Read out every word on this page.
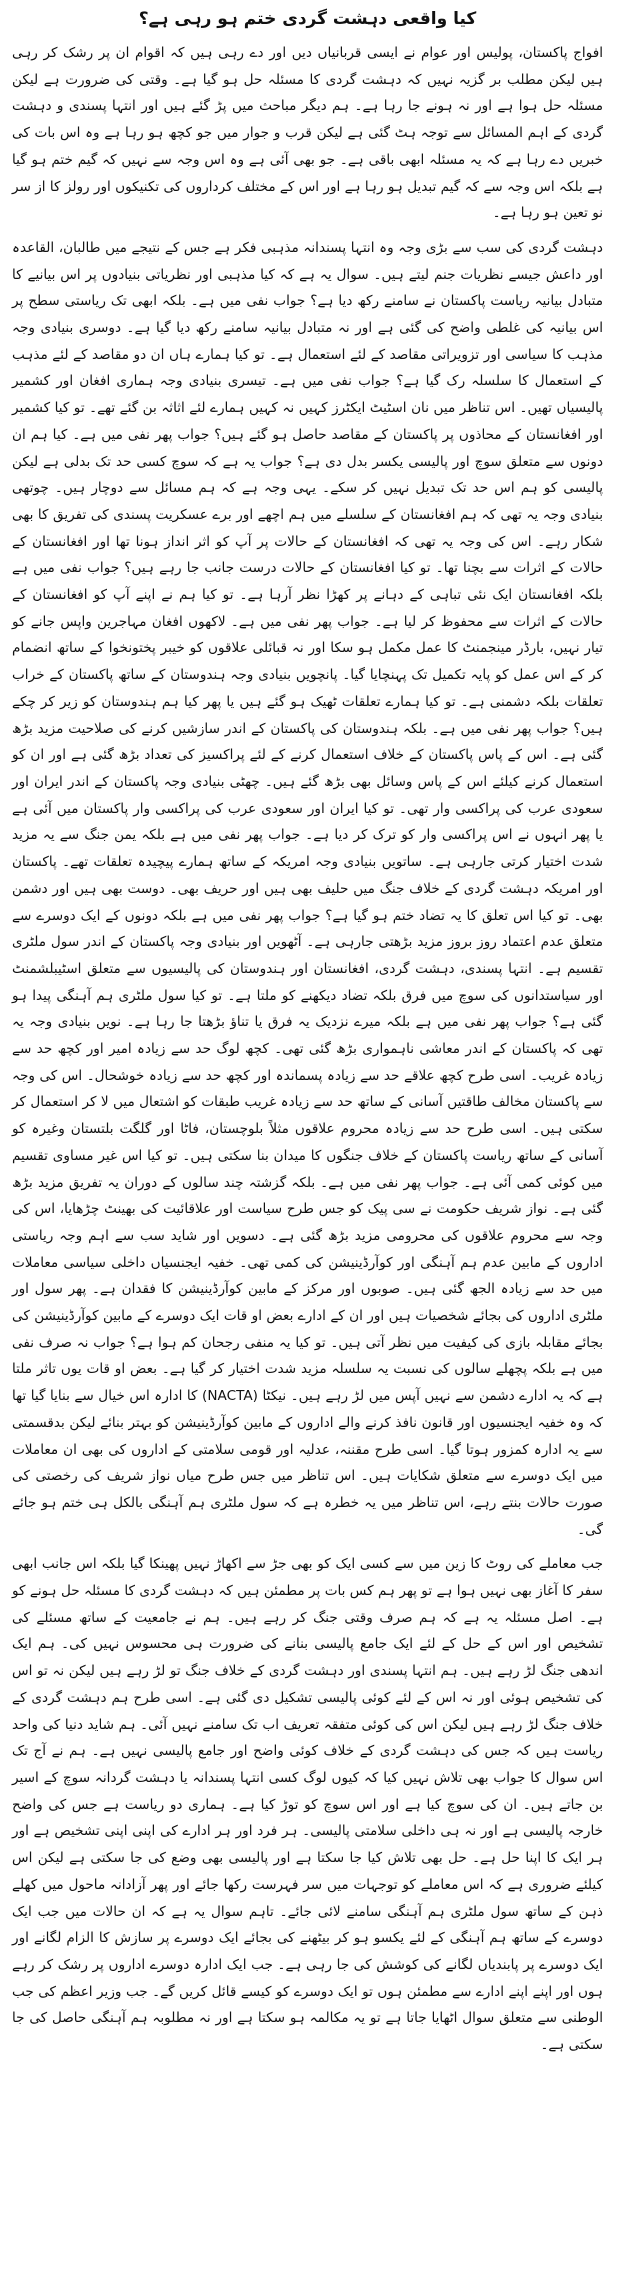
کیا واقعی دہشت گردی ختم ہو رہی ہے؟

افواج پاکستان، پولیس اور عوام نے ایسی قربانیاں دیں اور دے رہی ہیں کہ اقوام ان پر رشک کر رہی ہیں لیکن مطلب بر گزیہ نہیں کہ دہشت گردی کا مسئلہ حل ہو گیا ہے۔ وقتی کی ضرورت ہے لیکن مسئلہ حل ہوا ہے اور نہ ہونے جا رہا ہے۔ ہم دیگر مباحث میں پڑ گئے ہیں اور انتہا پسندی و دہشت گردی کے اہم المسائل سے توجہ ہٹ گئی ہے لیکن قرب و جوار میں جو کچھ ہو رہا ہے وہ اس بات کی خبریں دے رہا ہے کہ یہ مسئلہ ابھی باقی ہے۔ جو بھی آئی ہے وہ اس وجہ سے نہیں کہ گیم ختم ہو گیا ہے بلکہ اس وجہ سے کہ گیم تبدیل ہو رہا ہے اور اس کے مختلف کرداروں کی تکنیکوں اور رولز کا از سر نو تعین ہو رہا ہے۔

دہشت گردی کی سب سے بڑی وجہ وہ انتہا پسندانہ مذہبی فکر ہے جس کے نتیجے میں طالبان، القاعدہ اور داعش جیسے نظریات جنم لیتے ہیں۔ سوال یہ ہے کہ کیا مذہبی اور نظریاتی بنیادوں پر اس بیانیے کا متبادل بیانیہ ریاست پاکستان نے سامنے رکھ دیا ہے؟ جواب نفی میں ہے۔ بلکہ ابھی تک ریاستی سطح پر اس بیانیہ کی غلطی واضح کی گئی ہے اور نہ متبادل بیانیہ سامنے رکھ دیا گیا ہے۔ دوسری بنیادی وجہ مذہب کا سیاسی اور تزویراتی مقاصد کے لئے استعمال ہے۔ تو کیا ہمارے ہاں ان دو مقاصد کے لئے مذہب کے استعمال کا سلسلہ رک گیا ہے؟ جواب نفی میں ہے۔ تیسری بنیادی وجہ ہماری افغان اور کشمیر پالیسیاں تھیں۔ اس تناظر میں نان اسٹیٹ ایکٹرز کہیں نہ کہیں ہمارے لئے اثاثہ بن گئے تھے۔ تو کیا کشمیر اور افغانستان کے محاذوں پر پاکستان کے مقاصد حاصل ہو گئے ہیں؟ جواب پھر نفی میں ہے۔ کیا ہم ان دونوں سے متعلق سوچ اور پالیسی یکسر بدل دی ہے؟ جواب یہ ہے کہ سوچ کسی حد تک بدلی ہے لیکن پالیسی کو ہم اس حد تک تبدیل نہیں کر سکے۔ یہی وجہ ہے کہ ہم مسائل سے دوچار ہیں۔ چوتھی بنیادی وجہ یہ تھی کہ ہم افغانستان کے سلسلے میں ہم اچھے اور برے عسکریت پسندی کی تفریق کا بھی شکار رہے۔ اس کی وجہ یہ تھی کہ افغانستان کے حالات پر آپ کو اثر انداز ہونا تھا اور افغانستان کے حالات کے اثرات سے بچنا تھا۔ تو کیا افغانستان کے حالات درست جانب جا رہے ہیں؟ جواب نفی میں ہے بلکہ افغانستان ایک نئی تباہی کے دہانے پر کھڑا نظر آرہا ہے۔ تو کیا ہم نے اپنے آپ کو افغانستان کے حالات کے اثرات سے محفوظ کر لیا ہے۔ جواب پھر نفی میں ہے۔ لاکھوں افغان مہاجرین واپس جانے کو تیار نہیں، بارڈر مینجمنٹ کا عمل مکمل ہو سکا اور نہ قبائلی علاقوں کو خیبر پختونخوا کے ساتھ انضمام کر کے اس عمل کو پایہ تکمیل تک پہنچایا گیا۔ پانچویں بنیادی وجہ ہندوستان کے ساتھ پاکستان کے خراب تعلقات بلکہ دشمنی ہے۔ تو کیا ہمارے تعلقات ٹھیک ہو گئے ہیں یا پھر کیا ہم ہندوستان کو زیر کر چکے ہیں؟ جواب پھر نفی میں ہے۔ بلکہ ہندوستان کی پاکستان کے اندر سازشیں کرنے کی صلاحیت مزید بڑھ گئی ہے۔ اس کے پاس پاکستان کے خلاف استعمال کرنے کے لئے پراکسیز کی تعداد بڑھ گئی ہے اور ان کو استعمال کرنے کیلئے اس کے پاس وسائل بھی بڑھ گئے ہیں۔ چھٹی بنیادی وجہ پاکستان کے اندر ایران اور سعودی عرب کی پراکسی وار تھی۔ تو کیا ایران اور سعودی عرب کی پراکسی وار پاکستان میں آئی ہے یا پھر انہوں نے اس پراکسی وار کو ترک کر دیا ہے۔ جواب پھر نفی میں ہے بلکہ یمن جنگ سے یہ مزید شدت اختیار کرتی جارہی ہے۔ ساتویں بنیادی وجہ امریکہ کے ساتھ ہمارے پیچیدہ تعلقات تھے۔ پاکستان اور امریکہ دہشت گردی کے خلاف جنگ میں حلیف بھی ہیں اور حریف بھی۔ دوست بھی ہیں اور دشمن بھی۔ تو کیا اس تعلق کا یہ تضاد ختم ہو گیا ہے؟ جواب پھر نفی میں ہے بلکہ دونوں کے ایک دوسرے سے متعلق عدم اعتماد روز بروز مزید بڑھتی جارہی ہے۔ آٹھویں اور بنیادی وجہ پاکستان کے اندر سول ملٹری تقسیم ہے۔ انتہا پسندی، دہشت گردی، افغانستان اور ہندوستان کی پالیسیوں سے متعلق اسٹیبلشمنٹ اور سیاستدانوں کی سوچ میں فرق بلکہ تضاد دیکھنے کو ملتا ہے۔ تو کیا سول ملٹری ہم آہنگی پیدا ہو گئی ہے؟ جواب پھر نفی میں ہے بلکہ میرے نزدیک یہ فرق یا تناؤ بڑھتا جا رہا ہے۔ نویں بنیادی وجہ یہ تھی کہ پاکستان کے اندر معاشی ناہمواری بڑھ گئی تھی۔ کچھ لوگ حد سے زیادہ امیر اور کچھ حد سے زیادہ غریب۔ اسی طرح کچھ علاقے حد سے زیادہ پسماندہ اور کچھ حد سے زیادہ خوشحال۔ اس کی وجہ سے پاکستان مخالف طاقتیں آسانی کے ساتھ حد سے زیادہ غریب طبقات کو اشتعال میں لا کر استعمال کر سکتی ہیں۔ اسی طرح حد سے زیادہ محروم علاقوں مثلاً بلوچستان، فاٹا اور گلگت بلتستان وغیرہ کو آسانی کے ساتھ ریاست پاکستان کے خلاف جنگوں کا میدان بنا سکتی ہیں۔ تو کیا اس غیر مساوی تقسیم میں کوئی کمی آئی ہے۔ جواب پھر نفی میں ہے۔ بلکہ گزشتہ چند سالوں کے دوران یہ تفریق مزید بڑھ گئی ہے۔ نواز شریف حکومت نے سی پیک کو جس طرح سیاست اور علاقائیت کی بھینٹ چڑھایا، اس کی وجہ سے محروم علاقوں کی محرومی مزید بڑھ گئی ہے۔ دسویں اور شاید سب سے اہم وجہ ریاستی اداروں کے مابین عدم ہم آہنگی اور کوآرڈینیشن کی کمی تھی۔ خفیہ ایجنسیاں داخلی سیاسی معاملات میں حد سے زیادہ الجھ گئی ہیں۔ صوبوں اور مرکز کے مابین کوآرڈینیشن کا فقدان ہے۔ پھر سول اور ملٹری اداروں کی بجائے شخصیات ہیں اور ان کے ادارے بعض او قات ایک دوسرے کے مابین کوآرڈینیشن کی بجائے مقابلہ بازی کی کیفیت میں نظر آتی ہیں۔ تو کیا یہ منفی رجحان کم ہوا ہے؟ جواب نہ صرف نفی میں ہے بلکہ پچھلے سالوں کی نسبت یہ سلسلہ مزید شدت اختیار کر گیا ہے۔ بعض او قات یوں تاثر ملتا ہے کہ یہ ادارے دشمن سے نہیں آپس میں لڑ رہے ہیں۔ نیکٹا (NACTA) کا ادارہ اس خیال سے بنایا گیا تھا کہ وہ خفیہ ایجنسیوں اور قانون نافذ کرنے والے اداروں کے مابین کوآرڈینیشن کو بہتر بنائے لیکن بدقسمتی سے یہ ادارہ کمزور ہوتا گیا۔ اسی طرح مقننہ، عدلیہ اور قومی سلامتی کے اداروں کی بھی ان معاملات میں ایک دوسرے سے متعلق شکایات ہیں۔ اس تناظر میں جس طرح میاں نواز شریف کی رخصتی کی صورت حالات بنتے رہے، اس تناظر میں یہ خطرہ ہے کہ سول ملٹری ہم آہنگی بالکل ہی ختم ہو جائے گی۔

جب معاملے کی روٹ کا زین میں سے کسی ایک کو بھی جڑ سے اکھاڑ نہیں پھینکا گیا بلکہ اس جانب ابھی سفر کا آغاز بھی نہیں ہوا ہے تو پھر ہم کس بات پر مطمئن ہیں کہ دہشت گردی کا مسئلہ حل ہونے کو ہے۔ اصل مسئلہ یہ ہے کہ ہم صرف وقتی جنگ کر رہے ہیں۔ ہم نے جامعیت کے ساتھ مسئلے کی تشخیص اور اس کے حل کے لئے ایک جامع پالیسی بنانے کی ضرورت ہی محسوس نہیں کی۔ ہم ایک اندھی جنگ لڑ رہے ہیں۔ ہم انتہا پسندی اور دہشت گردی کے خلاف جنگ تو لڑ رہے ہیں لیکن نہ تو اس کی تشخیص ہوئی اور نہ اس کے لئے کوئی پالیسی تشکیل دی گئی ہے۔ اسی طرح ہم دہشت گردی کے خلاف جنگ لڑ رہے ہیں لیکن اس کی کوئی متفقہ تعریف اب تک سامنے نہیں آئی۔ ہم شاید دنیا کی واحد ریاست ہیں کہ جس کی دہشت گردی کے خلاف کوئی واضح اور جامع پالیسی نہیں ہے۔ ہم نے آج تک اس سوال کا جواب بھی تلاش نہیں کیا کہ کیوں لوگ کسی انتہا پسندانہ یا دہشت گردانہ سوچ کے اسیر بن جاتے ہیں۔ ان کی سوچ کیا ہے اور اس سوچ کو توڑ کیا ہے۔ ہماری دو ریاست ہے جس کی واضح خارجہ پالیسی ہے اور نہ ہی داخلی سلامتی پالیسی۔ ہر فرد اور ہر ادارے کی اپنی اپنی تشخیص ہے اور ہر ایک کا اپنا حل ہے۔ حل بھی تلاش کیا جا سکتا ہے اور پالیسی بھی وضع کی جا سکتی ہے لیکن اس کیلئے ضروری ہے کہ اس معاملے کو توجہات میں سر فہرست رکھا جائے اور پھر آزادانہ ماحول میں کھلے ذہن کے ساتھ سول ملٹری ہم آہنگی سامنے لائی جائے۔ تاہم سوال یہ ہے کہ ان حالات میں جب ایک دوسرے کے ساتھ ہم آہنگی کے لئے یکسو ہو کر بیٹھنے کی بجائے ایک دوسرے پر سازش کا الزام لگانے اور ایک دوسرے پر پابندیاں لگانے کی کوشش کی جا رہی ہے۔ جب ایک ادارہ دوسرے اداروں پر رشک کر رہے ہوں اور اپنے اپنے ادارے سے مطمئن ہوں تو ایک دوسرے کو کیسے قائل کریں گے۔ جب وزیر اعظم کی جب الوطنی سے متعلق سوال اٹھایا جاتا ہے تو یہ مکالمہ ہو سکتا ہے اور نہ مطلوبہ ہم آہنگی حاصل کی جا سکتی ہے۔
